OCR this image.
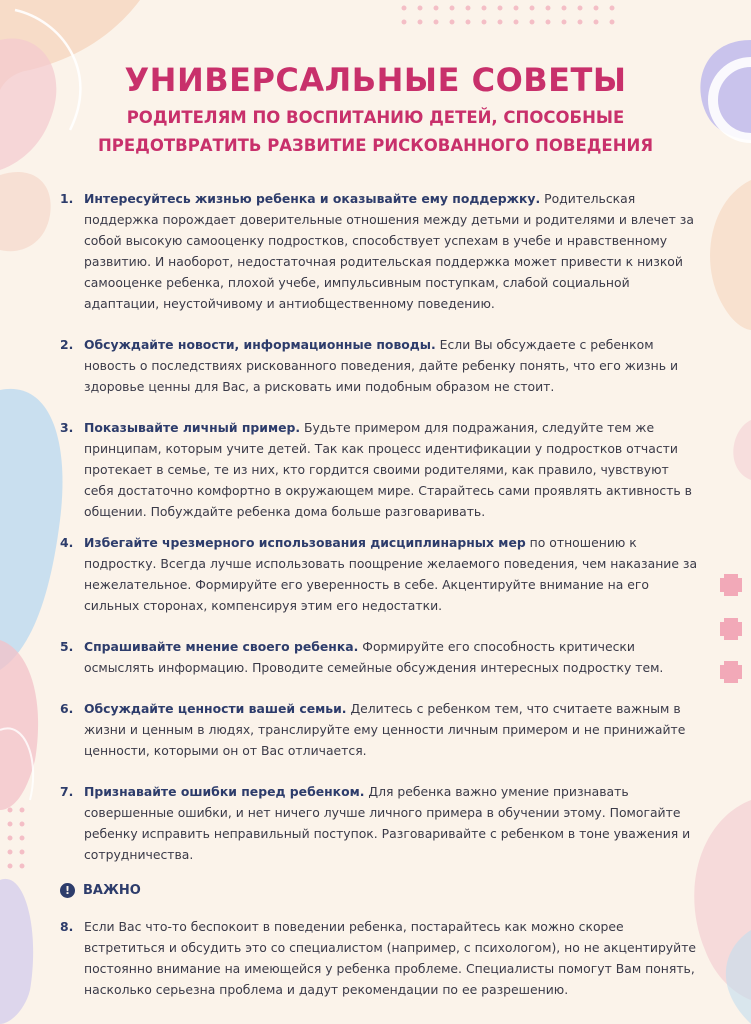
УНИВЕРСАЛЬНЫЕ СОВЕТЫ
РОДИТЕЛЯМ ПО ВОСПИТАНИЮ ДЕТЕЙ, СПОСОБНЫЕ
ПРЕДОТВРАТИТЬ РАЗВИТИЕ РИСКОВАННОГО ПОВЕДЕНИЯ
1. Интересуйтесь жизнью ребенка и оказывайте ему поддержку. Родительская поддержка порождает доверительные отношения между детьми и родителями и влечет за собой высокую самооценку подростков, способствует успехам в учебе и нравственному развитию. И наоборот, недостаточная родительская поддержка может привести к низкой самооценке ребенка, плохой учебе, импульсивным поступкам, слабой социальной адаптации, неустойчивому и антиобщественному поведению.
2. Обсуждайте новости, информационные поводы. Если Вы обсуждаете с ребенком новость о последствиях рискованного поведения, дайте ребенку понять, что его жизнь и здоровье ценны для Вас, а рисковать ими подобным образом не стоит.
3. Показывайте личный пример. Будьте примером для подражания, следуйте тем же принципам, которым учите детей. Так как процесс идентификации у подростков отчасти протекает в семье, те из них, кто гордится своими родителями, как правило, чувствуют себя достаточно комфортно в окружающем мире. Старайтесь сами проявлять активность в общении. Побуждайте ребенка дома больше разговаривать.
4. Избегайте чрезмерного использования дисциплинарных мер по отношению к подростку. Всегда лучше использовать поощрение желаемого поведения, чем наказание за нежелательное. Формируйте его уверенность в себе. Акцентируйте внимание на его сильных сторонах, компенсируя этим его недостатки.
5. Спрашивайте мнение своего ребенка. Формируйте его способность критически осмыслять информацию. Проводите семейные обсуждения интересных подростку тем.
6. Обсуждайте ценности вашей семьи. Делитесь с ребенком тем, что считаете важным в жизни и ценным в людях, транслируйте ему ценности личным примером и не принижайте ценности, которыми он от Вас отличается.
7. Признавайте ошибки перед ребенком. Для ребенка важно умение признавать совершенные ошибки, и нет ничего лучше личного примера в обучении этому. Помогайте ребенку исправить неправильный поступок. Разговаривайте с ребенком в тоне уважения и сотрудничества.
! ВАЖНО
8. Если Вас что-то беспокоит в поведении ребенка, постарайтесь как можно скорее встретиться и обсудить это со специалистом (например, с психологом), но не акцентируйте постоянно внимание на имеющейся у ребенка проблеме. Специалисты помогут Вам понять, насколько серьезна проблема и дадут рекомендации по ее разрешению.
